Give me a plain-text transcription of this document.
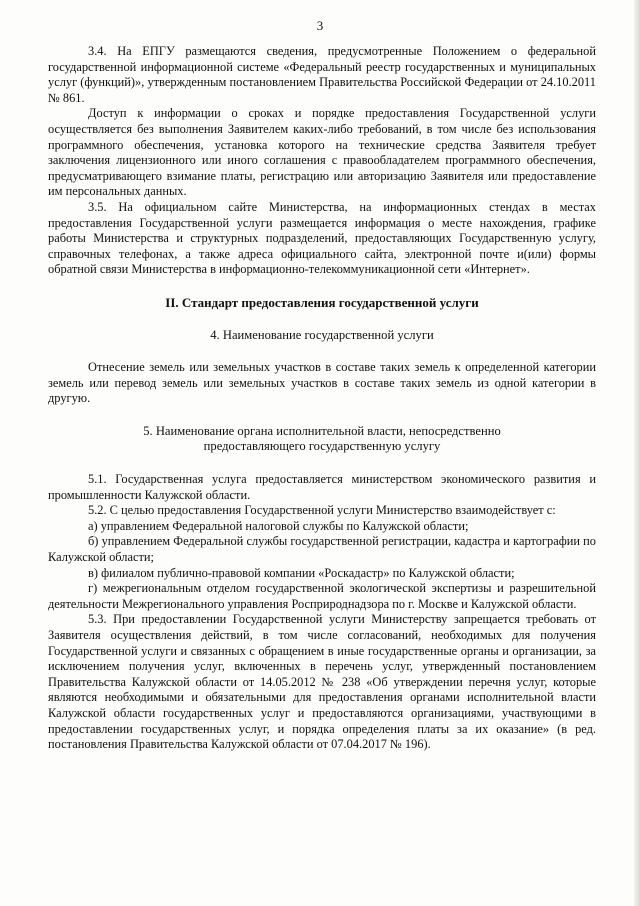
3

3.4. На ЕПГУ размещаются сведения, предусмотренные Положением о федеральной государственной информационной системе «Федеральный реестр государственных и муниципальных услуг (функций)», утвержденным постановлением Правительства Российской Федерации от 24.10.2011 № 861.

Доступ к информации о сроках и порядке предоставления Государственной услуги осуществляется без выполнения Заявителем каких-либо требований, в том числе без использования программного обеспечения, установка которого на технические средства Заявителя требует заключения лицензионного или иного соглашения с правообладателем программного обеспечения, предусматривающего взимание платы, регистрацию или авторизацию Заявителя или предоставление им персональных данных.

3.5. На официальном сайте Министерства, на информационных стендах в местах предоставления Государственной услуги размещается информация о месте нахождения, графике работы Министерства и структурных подразделений, предоставляющих Государственную услугу, справочных телефонах, а также адреса официального сайта, электронной почте и(или) формы обратной связи Министерства в информационно-телекоммуникационной сети «Интернет».

II. Стандарт предоставления государственной услуги

4. Наименование государственной услуги

Отнесение земель или земельных участков в составе таких земель к определенной категории земель или перевод земель или земельных участков в составе таких земель из одной категории в другую.

5. Наименование органа исполнительной власти, непосредственно

предоставляющего государственную услугу

5.1. Государственная услуга предоставляется министерством экономического развития и промышленности Калужской области.

5.2. С целью предоставления Государственной услуги Министерство взаимодействует с:

а) управлением Федеральной налоговой службы по Калужской области;

б) управлением Федеральной службы государственной регистрации, кадастра и картографии по Калужской области;

в) филиалом публично-правовой компании «Роскадастр» по Калужской области;

г) межрегиональным отделом государственной экологической экспертизы и разрешительной деятельности Межрегионального управления Росприроднадзора по г. Москве и Калужской области.

5.3. При предоставлении Государственной услуги Министерству запрещается требовать от Заявителя осуществления действий, в том числе согласований, необходимых для получения Государственной услуги и связанных с обращением в иные государственные органы и организации, за исключением получения услуг, включенных в перечень услуг, утвержденный постановлением Правительства Калужской области от 14.05.2012 № 238 «Об утверждении перечня услуг, которые являются необходимыми и обязательными для предоставления органами исполнительной власти Калужской области государственных услуг и предоставляются организациями, участвующими в предоставлении государственных услуг, и порядка определения платы за их оказание» (в ред. постановления Правительства Калужской области от 07.04.2017 № 196).
